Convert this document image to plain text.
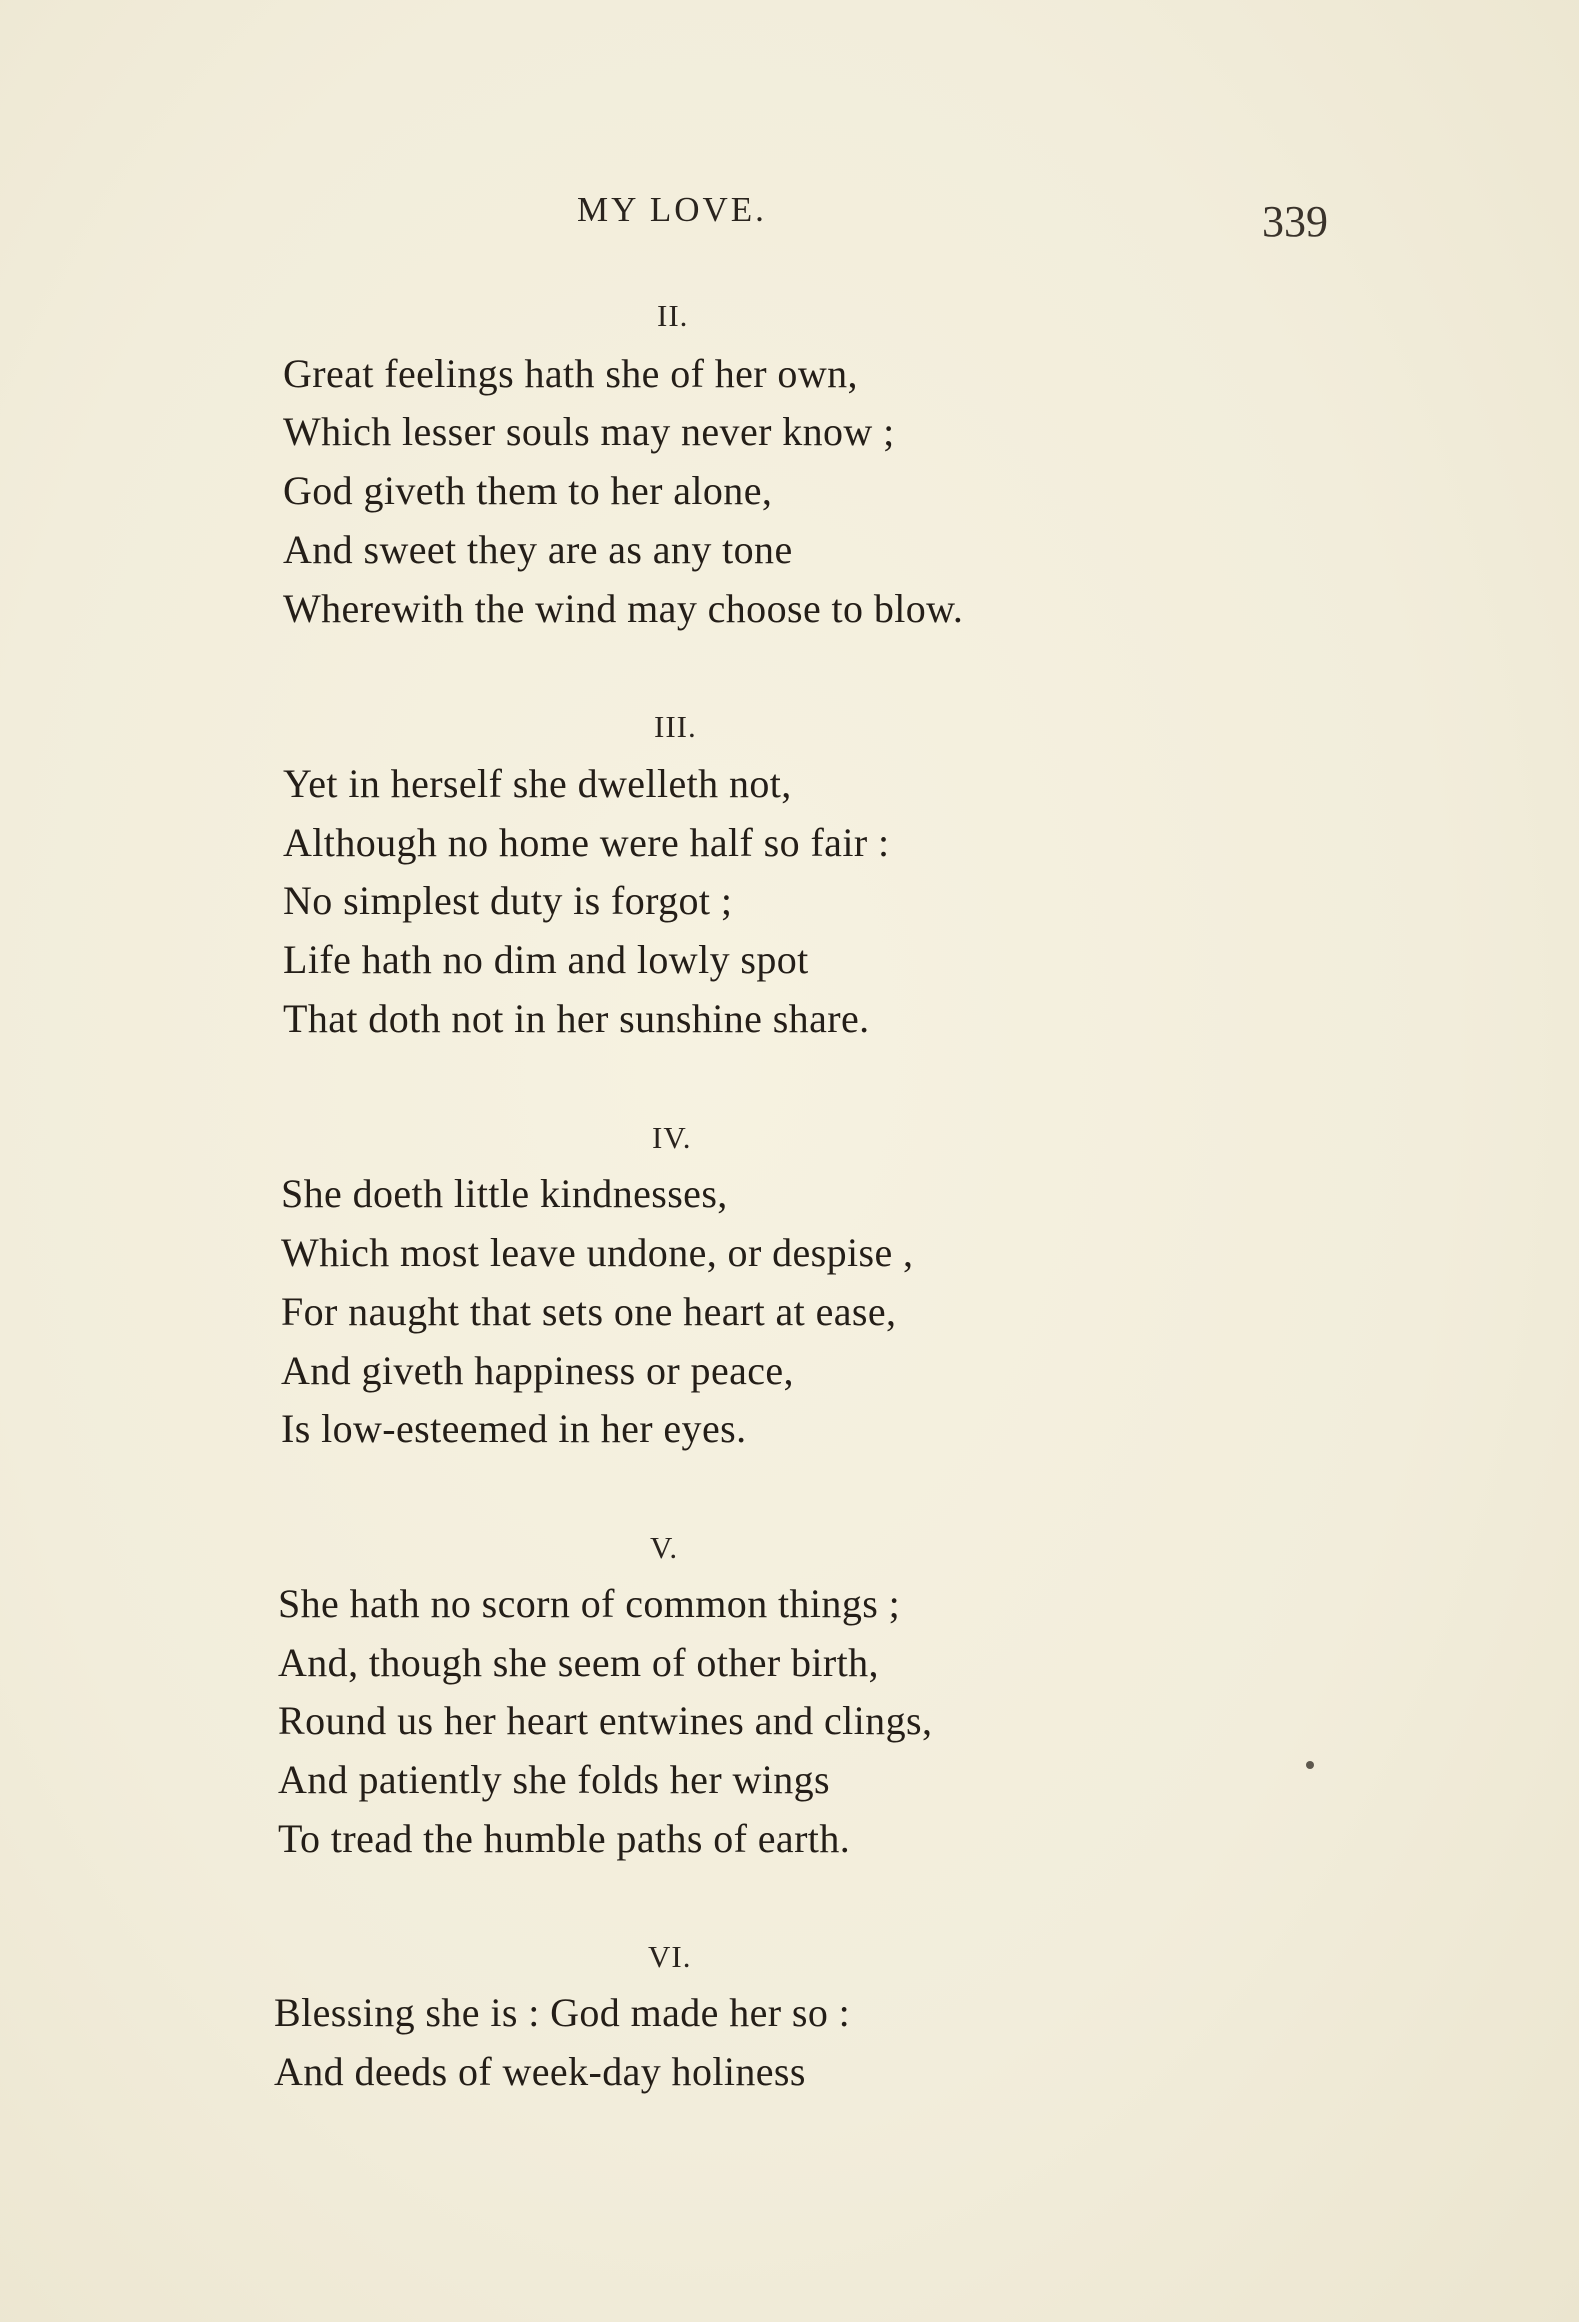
MY LOVE.	339
II.
Great feelings hath she of her own,
Which lesser souls may never know ;
God giveth them to her alone,
And sweet they are as any tone
Wherewith the wind may choose to blow.
III.
Yet in herself she dwelleth not,
Although no home were half so fair :
No simplest duty is forgot ;
Life hath no dim and lowly spot
That doth not in her sunshine share.
IV.
She doeth little kindnesses,
Which most leave undone, or despise ,
For naught that sets one heart at ease,
And giveth happiness or peace,
Is low-esteemed in her eyes.
V.
She hath no scorn of common things ;
And, though she seem of other birth,
Round us her heart entwines and clings,
And patiently she folds her wings
To tread the humble paths of earth.
VI.
Blessing she is : God made her so :
And deeds of week-day holiness
